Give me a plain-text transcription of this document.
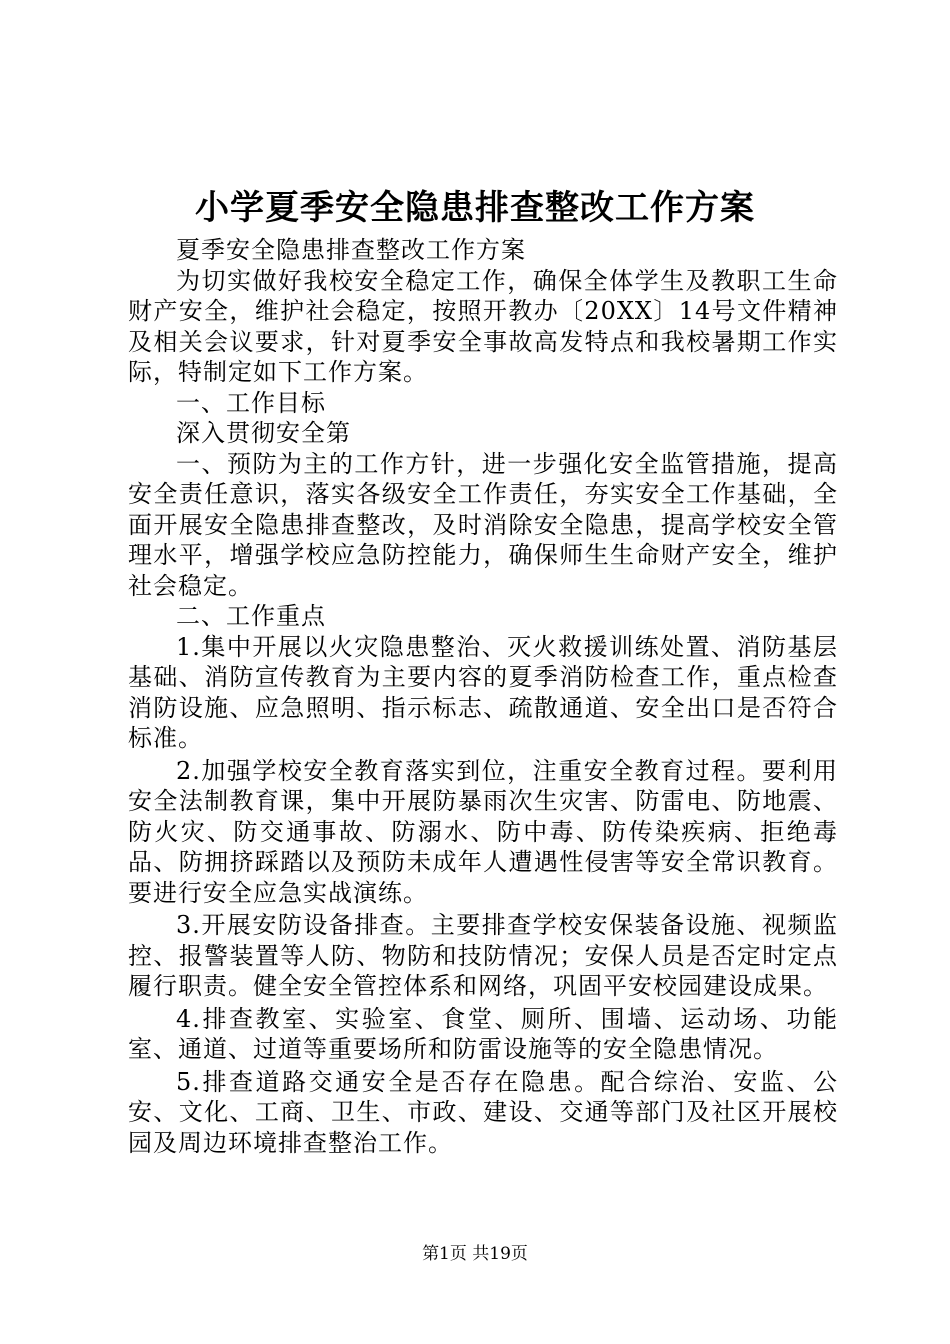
小学夏季安全隐患排查整改工作方案

夏季安全隐患排查整改工作方案

为切实做好我校安全稳定工作，确保全体学生及教职工生命财产安全，维护社会稳定，按照开教办〔20XX〕14号文件精神及相关会议要求，针对夏季安全事故高发特点和我校暑期工作实际，特制定如下工作方案。

一、工作目标

深入贯彻安全第

一、预防为主的工作方针，进一步强化安全监管措施，提高安全责任意识，落实各级安全工作责任，夯实安全工作基础，全面开展安全隐患排查整改，及时消除安全隐患，提高学校安全管理水平，增强学校应急防控能力，确保师生生命财产安全，维护社会稳定。

二、工作重点

1.集中开展以火灾隐患整治、灭火救援训练处置、消防基层基础、消防宣传教育为主要内容的夏季消防检查工作，重点检查消防设施、应急照明、指示标志、疏散通道、安全出口是否符合标准。

2.加强学校安全教育落实到位，注重安全教育过程。要利用安全法制教育课，集中开展防暴雨次生灾害、防雷电、防地震、防火灾、防交通事故、防溺水、防中毒、防传染疾病、拒绝毒品、防拥挤踩踏以及预防未成年人遭遇性侵害等安全常识教育。要进行安全应急实战演练。

3.开展安防设备排查。主要排查学校安保装备设施、视频监控、报警装置等人防、物防和技防情况；安保人员是否定时定点履行职责。健全安全管控体系和网络，巩固平安校园建设成果。

4.排查教室、实验室、食堂、厕所、围墙、运动场、功能室、通道、过道等重要场所和防雷设施等的安全隐患情况。

5.排查道路交通安全是否存在隐患。配合综治、安监、公安、文化、工商、卫生、市政、建设、交通等部门及社区开展校园及周边环境排查整治工作。

第1页 共19页
